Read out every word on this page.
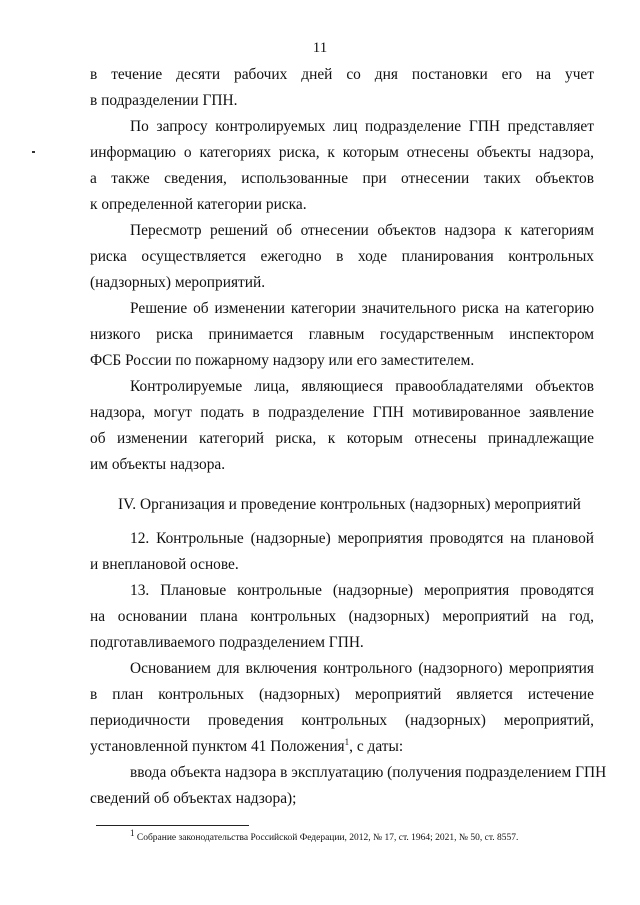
11
в течение десяти рабочих дней со дня постановки его на учет
в подразделении ГПН.
По запросу контролируемых лиц подразделение ГПН представляет
информацию о категориях риска, к которым отнесены объекты надзора,
а также сведения, использованные при отнесении таких объектов
к определенной категории риска.
Пересмотр решений об отнесении объектов надзора к категориям
риска осуществляется ежегодно в ходе планирования контрольных
(надзорных) мероприятий.
Решение об изменении категории значительного риска на категорию
низкого риска принимается главным государственным инспектором
ФСБ России по пожарному надзору или его заместителем.
Контролируемые лица, являющиеся правообладателями объектов
надзора, могут подать в подразделение ГПН мотивированное заявление
об изменении категорий риска, к которым отнесены принадлежащие
им объекты надзора.
IV. Организация и проведение контрольных (надзорных) мероприятий
12. Контрольные (надзорные) мероприятия проводятся на плановой
и внеплановой основе.
13. Плановые контрольные (надзорные) мероприятия проводятся
на основании плана контрольных (надзорных) мероприятий на год,
подготавливаемого подразделением ГПН.
Основанием для включения контрольного (надзорного) мероприятия
в план контрольных (надзорных) мероприятий является истечение
периодичности проведения контрольных (надзорных) мероприятий,
установленной пунктом 41 Положения$^1$, с даты:
ввода объекта надзора в эксплуатацию (получения подразделением ГПН
сведений об объектах надзора);
$^1$ Собрание законодательства Российской Федерации, 2012, № 17, ст. 1964; 2021, № 50, ст. 8557.
